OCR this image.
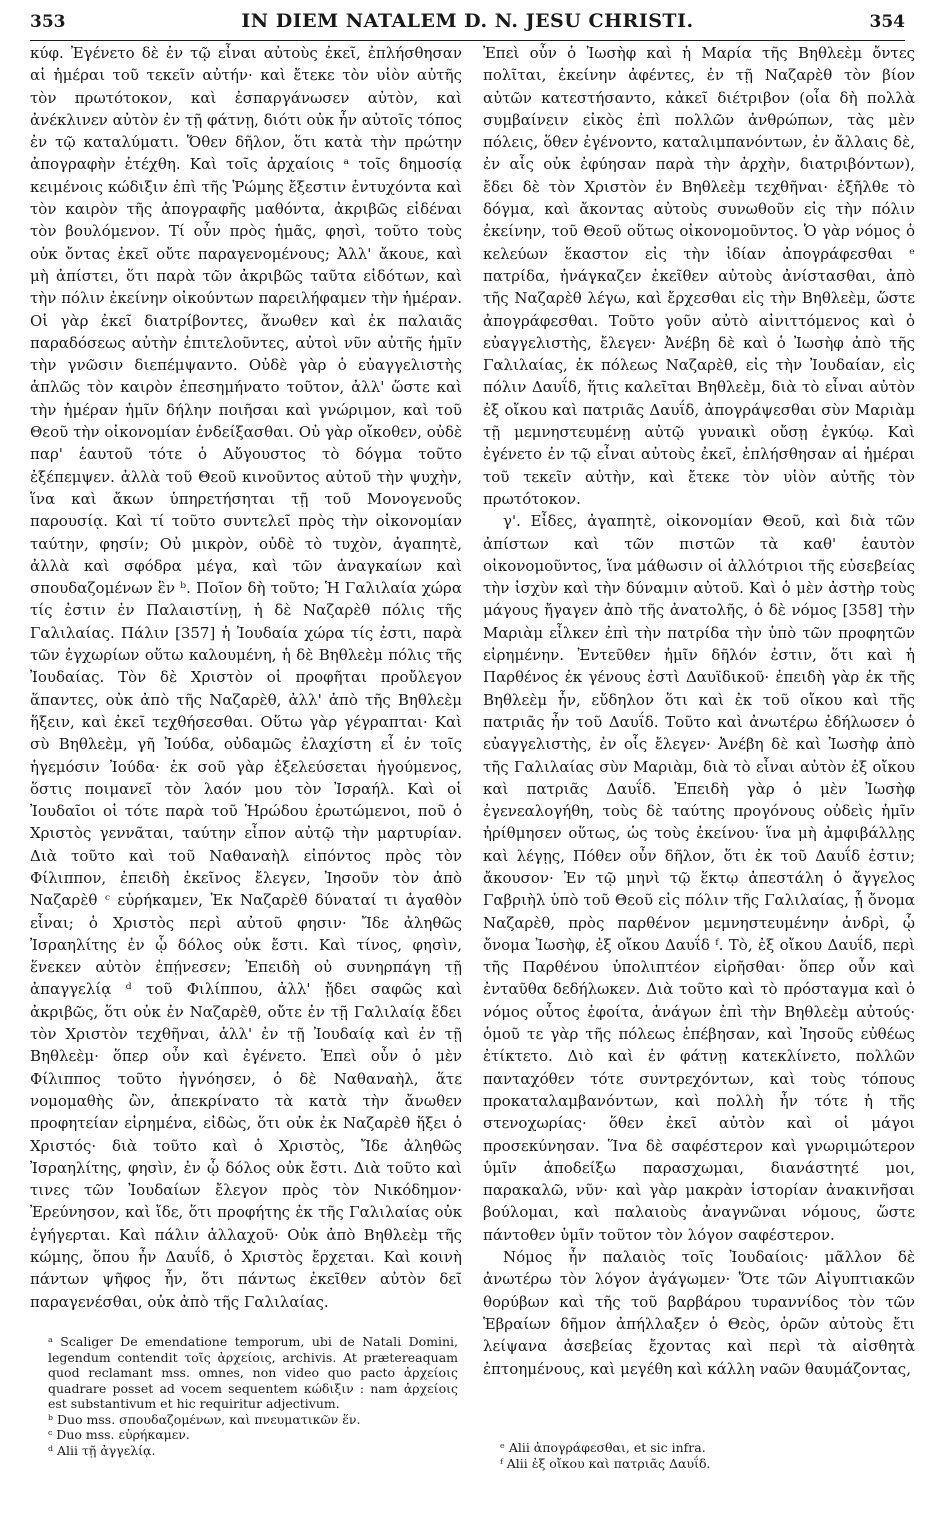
353	IN DIEM NATALEM D. N. JESU CHRISTI.	354

κύφ. Ἐγένετο δὲ ἐν τῷ εἶναι αὐτοὺς ἐκεῖ, ἐπλήσθησαν αἱ ἡμέραι τοῦ τεκεῖν αὐτήν· καὶ ἔτεκε τὸν υἱὸν αὐτῆς τὸν πρωτότοκον, καὶ ἐσπαργάνωσεν αὐτὸν, καὶ ἀνέκλινεν αὐτὸν ἐν τῇ φάτνῃ, διότι οὐκ ἦν αὐτοῖς τόπος ἐν τῷ καταλύματι. Ὅθεν δῆλον, ὅτι κατὰ τὴν πρώτην ἀπογραφὴν ἐτέχθη. Καὶ τοῖς ἀρχαίοις ᵃ τοῖς δημοσίᾳ κειμένοις κώδιξιν ἐπὶ τῆς Ῥώμης ἔξεστιν ἐντυχόντα καὶ τὸν καιρὸν τῆς ἀπογραφῆς μαθόντα, ἀκριβῶς εἰδέναι τὸν βουλόμενον. Τί οὖν πρὸς ἡμᾶς, φησὶ, τοῦτο τοὺς οὐκ ὄντας ἐκεῖ οὔτε παραγενομένους; Ἀλλ' ἄκουε, καὶ μὴ ἀπίστει, ὅτι παρὰ τῶν ἀκριβῶς ταῦτα εἰδότων, καὶ τὴν πόλιν ἐκείνην οἰκούντων παρειλήφαμεν τὴν ἡμέραν. Οἱ γὰρ ἐκεῖ διατρίβοντες, ἄνωθεν καὶ ἐκ παλαιᾶς παραδόσεως αὐτὴν ἐπιτελοῦντες, αὐτοὶ νῦν αὐτῆς ἡμῖν τὴν γνῶσιν διεπέμψαντο. Οὐδὲ γὰρ ὁ εὐαγγελιστὴς ἁπλῶς τὸν καιρὸν ἐπεσημήνατο τοῦτον, ἀλλ' ὥστε καὶ τὴν ἡμέραν ἡμῖν δήλην ποιῆσαι καὶ γνώριμον, καὶ τοῦ Θεοῦ τὴν οἰκονομίαν ἐνδείξασθαι. Οὐ γὰρ οἴκοθεν, οὐδὲ παρ' ἑαυτοῦ τότε ὁ Αὔγουστος τὸ δόγμα τοῦτο ἐξέπεμψεν. ἀλλὰ τοῦ Θεοῦ κινοῦντος αὐτοῦ τὴν ψυχὴν, ἵνα καὶ ἄκων ὑπηρετήσηται τῇ τοῦ Μονογενοῦς παρουσίᾳ. Καὶ τί τοῦτο συντελεῖ πρὸς τὴν οἰκονομίαν ταύτην, φησίν; Οὐ μικρὸν, οὐδὲ τὸ τυχὸν, ἀγαπητὲ, ἀλλὰ καὶ σφόδρα μέγα, καὶ τῶν ἀναγκαίων καὶ σπουδαζομένων ἓν ᵇ. Ποῖον δὴ τοῦτο; Ἡ Γαλιλαία χώρα τίς ἐστιν ἐν Παλαιστίνῃ, ἡ δὲ Ναζαρὲθ πόλις τῆς Γαλιλαίας. Πάλιν [357] ἡ Ἰουδαία χώρα τίς ἐστι, παρὰ τῶν ἐγχωρίων οὕτω καλουμένη, ἡ δὲ Βηθλεὲμ πόλις τῆς Ἰουδαίας. Τὸν δὲ Χριστὸν οἱ προφῆται προὔλεγον ἅπαντες, οὐκ ἀπὸ τῆς Ναζαρὲθ, ἀλλ' ἀπὸ τῆς Βηθλεὲμ ἥξειν, καὶ ἐκεῖ τεχθήσεσθαι. Οὕτω γὰρ γέγραπται· Καὶ σὺ Βηθλεὲμ, γῆ Ἰούδα, οὐδαμῶς ἐλαχίστη εἶ ἐν τοῖς ἡγεμόσιν Ἰούδα· ἐκ σοῦ γὰρ ἐξελεύσεται ἡγούμενος, ὅστις ποιμανεῖ τὸν λαόν μου τὸν Ἰσραήλ. Καὶ οἱ Ἰουδαῖοι οἱ τότε παρὰ τοῦ Ἡρώδου ἐρωτώμενοι, ποῦ ὁ Χριστὸς γεννᾶται, ταύτην εἶπον αὐτῷ τὴν μαρτυρίαν. Διὰ τοῦτο καὶ τοῦ Ναθαναὴλ εἰπόντος πρὸς τὸν Φίλιππον, ἐπειδὴ ἐκεῖνος ἔλεγεν, Ἰησοῦν τὸν ἀπὸ Ναζαρὲθ ᶜ εὑρήκαμεν, Ἐκ Ναζαρὲθ δύναταί τι ἀγαθὸν εἶναι; ὁ Χριστὸς περὶ αὐτοῦ φησιν· Ἴδε ἀληθῶς Ἰσραηλίτης ἐν ᾧ δόλος οὐκ ἔστι. Καὶ τίνος, φησὶν, ἕνεκεν αὐτὸν ἐπῄνεσεν; Ἐπειδὴ οὐ συνηρπάγη τῇ ἀπαγγελίᾳ ᵈ τοῦ Φιλίππου, ἀλλ' ᾔδει σαφῶς καὶ ἀκριβῶς, ὅτι οὐκ ἐν Ναζαρὲθ, οὔτε ἐν τῇ Γαλιλαίᾳ ἔδει τὸν Χριστὸν τεχθῆναι, ἀλλ' ἐν τῇ Ἰουδαίᾳ καὶ ἐν τῇ Βηθλεὲμ· ὅπερ οὖν καὶ ἐγένετο. Ἐπεὶ οὖν ὁ μὲν Φίλιππος τοῦτο ἠγνόησεν, ὁ δὲ Ναθαναὴλ, ἅτε νομομαθὴς ὢν, ἀπεκρίνατο τὰ κατὰ τὴν ἄνωθεν προφητείαν εἰρημένα, εἰδὼς, ὅτι οὐκ ἐκ Ναζαρὲθ ἥξει ὁ Χριστός· διὰ τοῦτο καὶ ὁ Χριστὸς, Ἴδε ἀληθῶς Ἰσραηλίτης, φησὶν, ἐν ᾧ δόλος οὐκ ἔστι. Διὰ τοῦτο καὶ τινες τῶν Ἰουδαίων ἔλεγον πρὸς τὸν Νικόδημον· Ἐρεύνησον, καὶ ἴδε, ὅτι προφήτης ἐκ τῆς Γαλιλαίας οὐκ ἐγήγερται. Καὶ πάλιν ἀλλαχοῦ· Οὐκ ἀπὸ Βηθλεὲμ τῆς κώμης, ὅπου ἦν Δαυΐδ, ὁ Χριστὸς ἔρχεται. Καὶ κοινὴ πάντων ψῆφος ἦν, ὅτι πάντως ἐκεῖθεν αὐτὸν δεῖ παραγενέσθαι, οὐκ ἀπὸ τῆς Γαλιλαίας.

Ἐπεὶ οὖν ὁ Ἰωσὴφ καὶ ἡ Μαρία τῆς Βηθλεὲμ ὄντες πολῖται, ἐκείνην ἀφέντες, ἐν τῇ Ναζαρὲθ τὸν βίον αὐτῶν κατεστήσαντο, κἀκεῖ διέτριβον (οἷα δὴ πολλὰ συμβαίνειν εἰκὸς ἐπὶ πολλῶν ἀνθρώπων, τὰς μὲν πόλεις, ὅθεν ἐγένοντο, καταλιμπανόντων, ἐν ἄλλαις δὲ, ἐν αἷς οὐκ ἐφύησαν παρὰ τὴν ἀρχὴν, διατριβόντων), ἔδει δὲ τὸν Χριστὸν ἐν Βηθλεὲμ τεχθῆναι· ἐξῆλθε τὸ δόγμα, καὶ ἄκοντας αὐτοὺς συνωθοῦν εἰς τὴν πόλιν ἐκείνην, τοῦ Θεοῦ οὕτως οἰκονομοῦντος. Ὁ γὰρ νόμος ὁ κελεύων ἕκαστον εἰς τὴν ἰδίαν ἀπογράφεσθαι ᵉ πατρίδα, ἠνάγκαζεν ἐκεῖθεν αὐτοὺς ἀνίστασθαι, ἀπὸ τῆς Ναζαρὲθ λέγω, καὶ ἔρχεσθαι εἰς τὴν Βηθλεὲμ, ὥστε ἀπογράφεσθαι. Τοῦτο γοῦν αὐτὸ αἰνιττόμενος καὶ ὁ εὐαγγελιστὴς, ἔλεγεν· Ἀνέβη δὲ καὶ ὁ Ἰωσὴφ ἀπὸ τῆς Γαλιλαίας, ἐκ πόλεως Ναζαρὲθ, εἰς τὴν Ἰουδαίαν, εἰς πόλιν Δαυΐδ, ἥτις καλεῖται Βηθλεὲμ, διὰ τὸ εἶναι αὐτὸν ἐξ οἴκου καὶ πατριᾶς Δαυΐδ, ἀπογράψεσθαι σὺν Μαριὰμ τῇ μεμνηστευμένῃ αὐτῷ γυναικὶ οὔσῃ ἐγκύῳ. Καὶ ἐγένετο ἐν τῷ εἶναι αὐτοὺς ἐκεῖ, ἐπλήσθησαν αἱ ἡμέραι τοῦ τεκεῖν αὐτὴν, καὶ ἔτεκε τὸν υἱὸν αὐτῆς τὸν πρωτότοκον.

γ'. Εἶδες, ἀγαπητὲ, οἰκονομίαν Θεοῦ, καὶ διὰ τῶν ἀπίστων καὶ τῶν πιστῶν τὰ καθ' ἑαυτὸν οἰκονομοῦντος, ἵνα μάθωσιν οἱ ἀλλότριοι τῆς εὐσεβείας τὴν ἰσχὺν καὶ τὴν δύναμιν αὐτοῦ. Καὶ ὁ μὲν ἀστὴρ τοὺς μάγους ἤγαγεν ἀπὸ τῆς ἀνατολῆς, ὁ δὲ νόμος [358] τὴν Μαριὰμ εἷλκεν ἐπὶ τὴν πατρίδα τὴν ὑπὸ τῶν προφητῶν εἰρημένην. Ἐντεῦθεν ἡμῖν δῆλόν ἐστιν, ὅτι καὶ ἡ Παρθένος ἐκ γένους ἐστὶ Δαυϊδικοῦ· ἐπειδὴ γὰρ ἐκ τῆς Βηθλεὲμ ἦν, εὔδηλον ὅτι καὶ ἐκ τοῦ οἴκου καὶ τῆς πατριᾶς ἦν τοῦ Δαυΐδ. Τοῦτο καὶ ἀνωτέρω ἐδήλωσεν ὁ εὐαγγελιστὴς, ἐν οἷς ἔλεγεν· Ἀνέβη δὲ καὶ Ἰωσὴφ ἀπὸ τῆς Γαλιλαίας σὺν Μαριὰμ, διὰ τὸ εἶναι αὐτὸν ἐξ οἴκου καὶ πατριᾶς Δαυΐδ. Ἐπειδὴ γὰρ ὁ μὲν Ἰωσὴφ ἐγενεαλογήθη, τοὺς δὲ ταύτης προγόνους οὐδεὶς ἡμῖν ἠρίθμησεν οὕτως, ὡς τοὺς ἐκείνου· ἵνα μὴ ἀμφιβάλλῃς καὶ λέγῃς, Πόθεν οὖν δῆλον, ὅτι ἐκ τοῦ Δαυΐδ ἐστιν; ἄκουσον· Ἐν τῷ μηνὶ τῷ ἕκτῳ ἀπεστάλη ὁ ἄγγελος Γαβριὴλ ὑπὸ τοῦ Θεοῦ εἰς πόλιν τῆς Γαλιλαίας, ᾗ ὄνομα Ναζαρὲθ, πρὸς παρθένον μεμνηστευμένην ἀνδρὶ, ᾧ ὄνομα Ἰωσὴφ, ἐξ οἴκου Δαυΐδ ᶠ. Τὸ, ἐξ οἴκου Δαυΐδ, περὶ τῆς Παρθένου ὑπολιπτέον εἰρῆσθαι· ὅπερ οὖν καὶ ἐνταῦθα δεδήλωκεν. Διὰ τοῦτο καὶ τὸ πρόσταγμα καὶ ὁ νόμος οὗτος ἐφοίτα, ἀνάγων ἐπὶ τὴν Βηθλεὲμ αὐτούς· ὁμοῦ τε γὰρ τῆς πόλεως ἐπέβησαν, καὶ Ἰησοῦς εὐθέως ἐτίκτετο. Διὸ καὶ ἐν φάτνῃ κατεκλίνετο, πολλῶν πανταχόθεν τότε συντρεχόντων, καὶ τοὺς τόπους προκαταλαμβανόντων, καὶ πολλὴ ἦν τότε ἡ τῆς στενοχωρίας· ὅθεν ἐκεῖ αὐτὸν καὶ οἱ μάγοι προσεκύνησαν. Ἵνα δὲ σαφέστερον καὶ γνωριμώτερον ὑμῖν ἀποδείξω παρασχωμαι, διανάστητέ μοι, παρακαλῶ, νῦν· καὶ γὰρ μακρὰν ἱστορίαν ἀνακινῆσαι βούλομαι, καὶ παλαιοὺς ἀναγνῶναι νόμους, ὥστε πάντοθεν ὑμῖν τοῦτον τὸν λόγον σαφέστερον.

Νόμος ἦν παλαιὸς τοῖς Ἰουδαίοις· μᾶλλον δὲ ἀνωτέρω τὸν λόγον ἀγάγωμεν· Ὅτε τῶν Αἰγυπτιακῶν θορύβων καὶ τῆς τοῦ βαρβάρου τυραννίδος τὸν τῶν Ἑβραίων δῆμον ἀπήλλαξεν ὁ Θεὸς, ὁρῶν αὐτοὺς ἔτι λείψανα ἀσεβείας ἔχοντας καὶ περὶ τὰ αἰσθητὰ ἐπτοημένους, καὶ μεγέθη καὶ κάλλη ναῶν θαυμάζοντας,

ᵃ Scaliger De emendatione temporum, ubi de Natali Domini, legendum contendit τοῖς ἀρχείοις, archivis. At prætereaquam quod reclamant mss. omnes, non video quo pacto ἀρχείοις quadrare posset ad vocem sequentem κώδιξιν : nam ἀρχείοις est substantivum et hic requiritur adjectivum.

ᵇ Duo mss. σπουδαζομένων, καὶ πνευματικῶν ἕν.

ᶜ Duo mss. εὑρήκαμεν.

ᵈ Alii τῇ ἀγγελίᾳ.	ᵉ Alii ἀπογράφεσθαι, et sic infra.

ᶠ Alii ἐξ οἴκου καὶ πατριᾶς Δαυΐδ.
